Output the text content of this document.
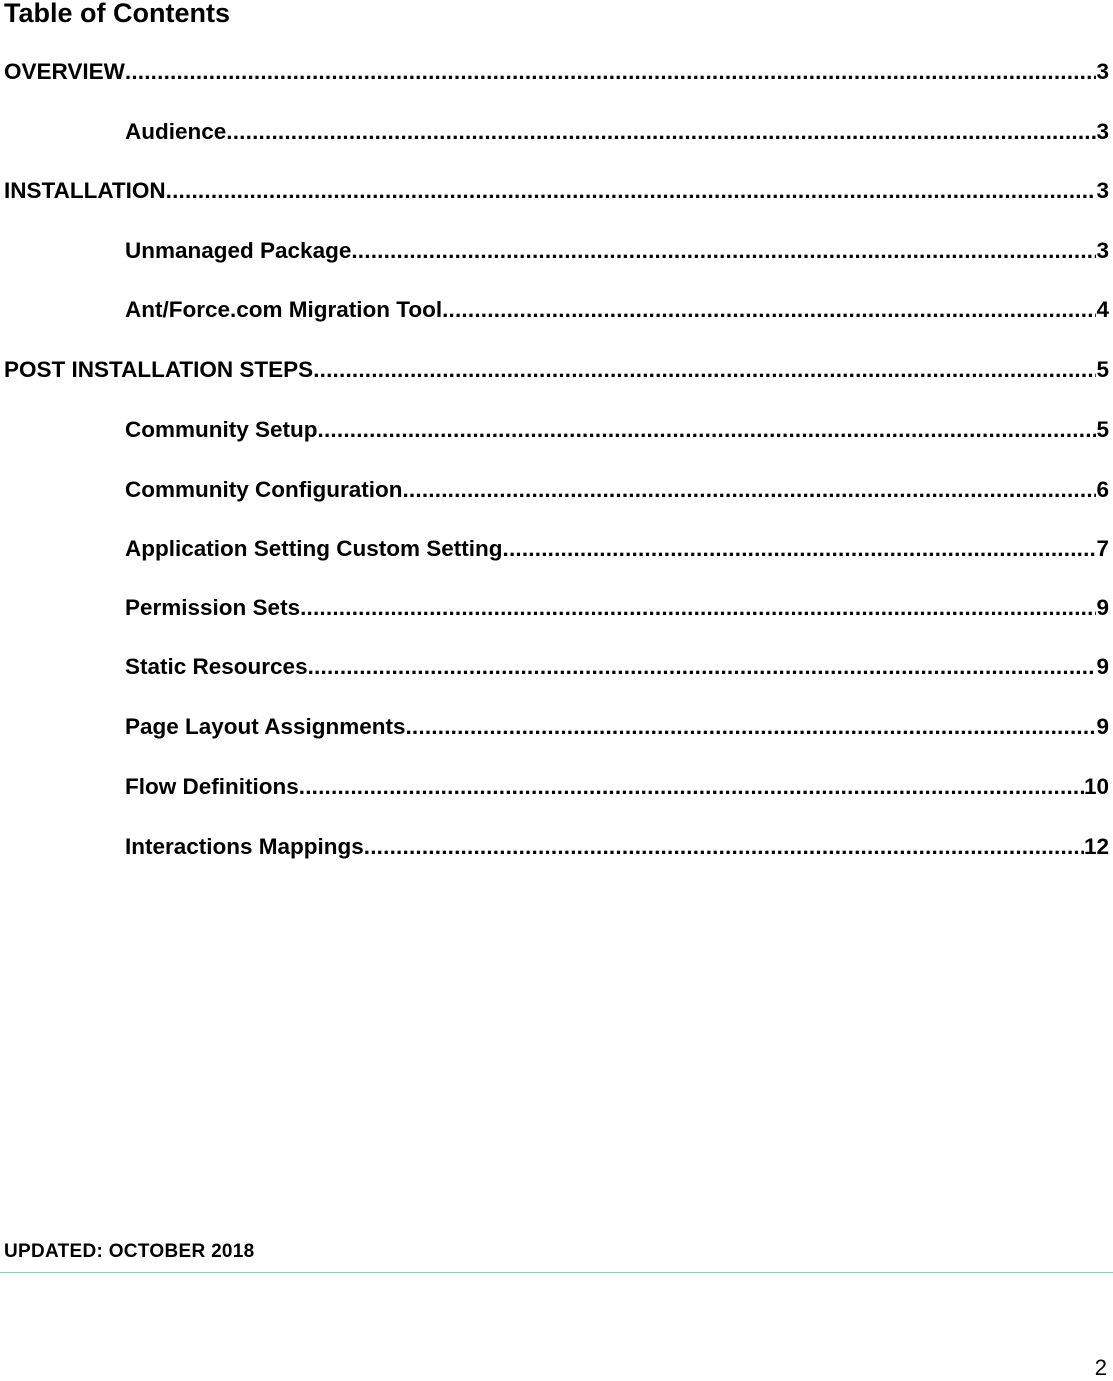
Table of Contents
OVERVIEW .....	3
Audience .....	3
INSTALLATION .....	3
Unmanaged Package .....	3
Ant/Force.com Migration Tool .....	4
POST INSTALLATION STEPS .....	5
Community Setup .....	5
Community Configuration .....	6
Application Setting Custom Setting .....	7
Permission Sets .....	9
Static Resources .....	9
Page Layout Assignments .....	9
Flow Definitions .....	10
Interactions Mappings .....	12
UPDATED: OCTOBER 2018
2
